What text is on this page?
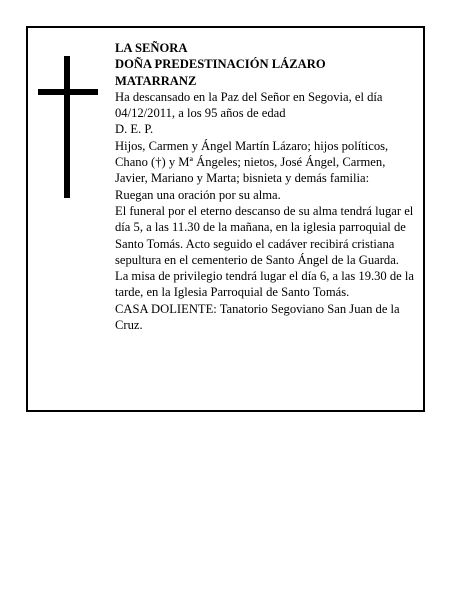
LA SEÑORA

DOÑA PREDESTINACIÓN LÁZARO

MATARRANZ

Ha descansado en la Paz del Señor en Segovia, el día 04/12/2011, a los 95 años de edad

D. E. P.

Hijos, Carmen y Ángel Martín Lázaro; hijos políticos, Chano (†) y Mª Ángeles; nietos, José Ángel, Carmen, Javier, Mariano y Marta; bisnieta y demás familia:

Ruegan una oración por su alma.

El funeral por el eterno descanso de su alma tendrá lugar el día 5, a las 11.30 de la mañana, en la iglesia parroquial de Santo Tomás. Acto seguido el cadáver recibirá cristiana sepultura en el cementerio de Santo Ángel de la Guarda.

La misa de privilegio tendrá lugar el día 6, a las 19.30 de la tarde, en la Iglesia Parroquial de Santo Tomás.

CASA DOLIENTE: Tanatorio Segoviano San Juan de la Cruz.
